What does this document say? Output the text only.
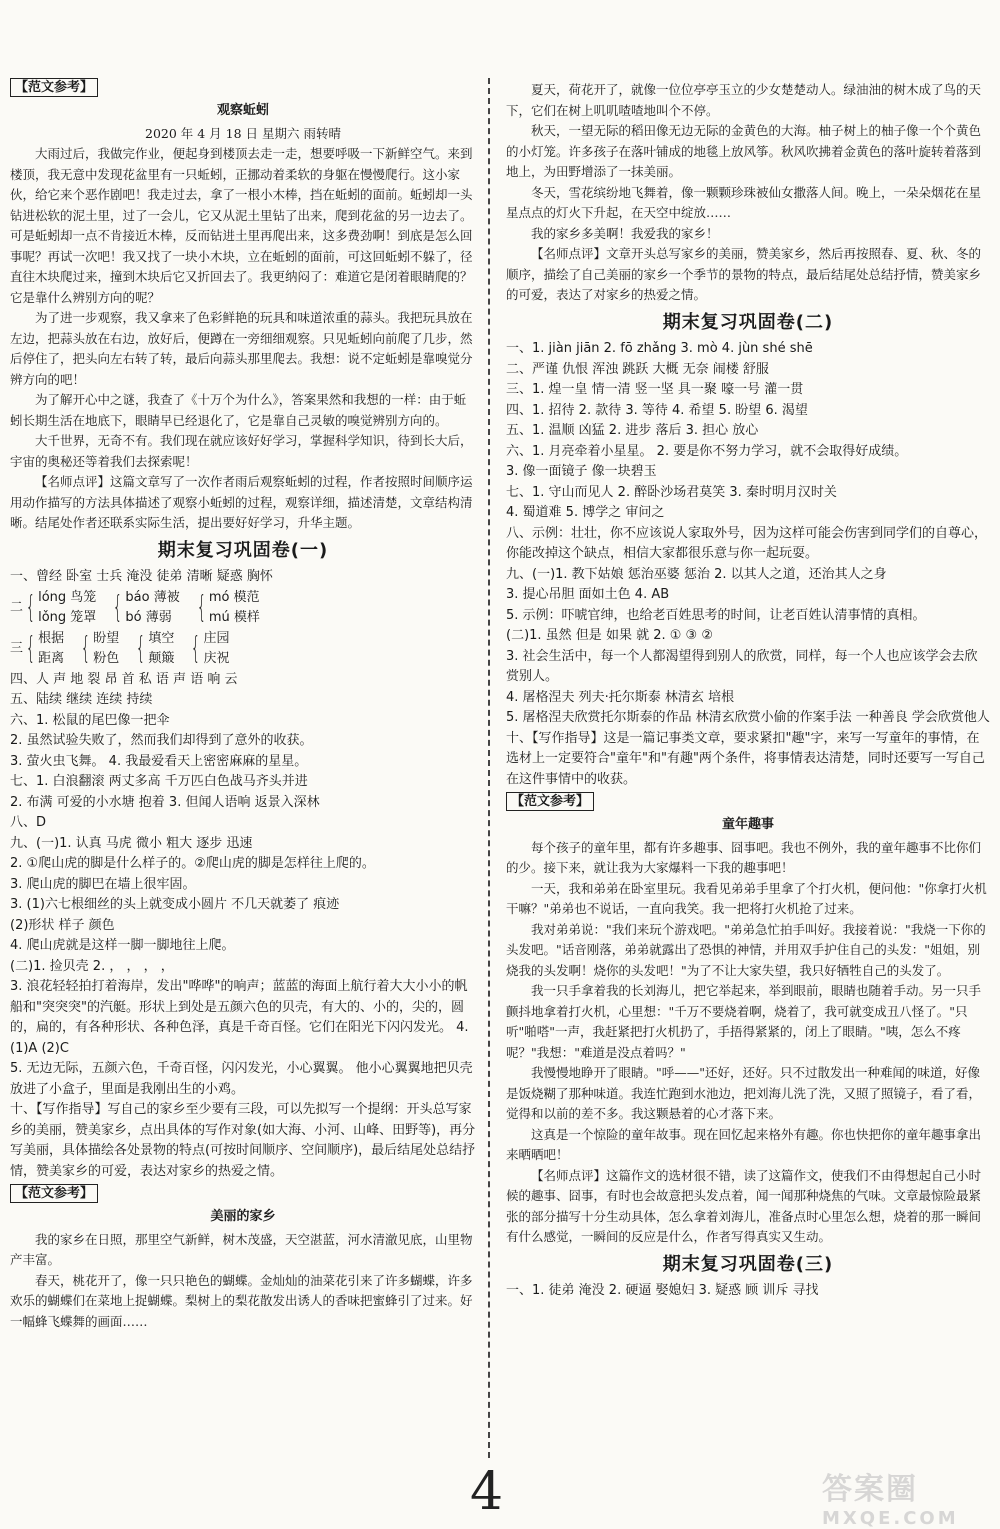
【范文参考】
观察蚯蚓
2020 年 4 月 18 日 星期六 雨转晴

大雨过后，我做完作业，便起身到楼顶去走一走，想要呼吸一下新鲜空气。来到楼顶，我无意中发现花盆里有一只蚯蚓，正挪动着柔软的身躯在慢慢爬行。这小家伙，给它来个恶作剧吧！我走过去，拿了一根小木棒，挡在蚯蚓的面前。蚯蚓却一头钻进松软的泥土里，过了一会儿，它又从泥土里钻了出来，爬到花盆的另一边去了。可是蚯蚓却一点不肯接近木棒，反而钻进土里再爬出来，这多费劲啊！到底是怎么回事呢？再试一次吧！我又找了一块小木块，立在蚯蚓的面前，可这回蚯蚓不躲了，径直往木块爬过来，撞到木块后它又折回去了。我更纳闷了：难道它是闭着眼睛爬的？它是靠什么辨别方向的呢？

为了进一步观察，我又拿来了色彩鲜艳的玩具和味道浓重的蒜头。我把玩具放在左边，把蒜头放在右边，放好后，便蹲在一旁细细观察。只见蚯蚓向前爬了几步，然后停住了，把头向左右转了转，最后向蒜头那里爬去。我想：说不定蚯蚓是靠嗅觉分辨方向的吧！

为了解开心中之谜，我查了《十万个为什么》，答案果然和我想的一样：由于蚯蚓长期生活在地底下，眼睛早已经退化了，它是靠自己灵敏的嗅觉辨别方向的。

大千世界，无奇不有。我们现在就应该好好学习，掌握科学知识，待到长大后，宇宙的奥秘还等着我们去探索呢！

【名师点评】这篇文章写了一次作者雨后观察蚯蚓的过程，作者按照时间顺序运用动作描写的方法具体描述了观察小蚯蚓的过程，观察详细，描述清楚，文章结构清晰。结尾处作者还联系实际生活，提出要好好学习，升华主题。

期末复习巩固卷(一)

一、曾经 卧室 士兵 淹没 徒弟 清晰 疑惑 胸怀

二 { lóng 鸟笼
lǒng 笼罩 { báo 薄被
bó 薄弱 { mó 模范
mú 模样
三 { 根据
距离 { 盼望
粉色 { 填空
颠簸 { 庄园
庆祝

四、人 声 地 裂 昂 首 私 语 声 语 响 云

五、陆续 继续 连续 持续

六、1. 松鼠的尾巴像一把伞

2. 虽然试验失败了，然而我们却得到了意外的收获。

3. 萤火虫飞舞。 4. 我最爱看天上密密麻麻的星星。

七、1. 白浪翻滚 两丈多高 千万匹白色战马齐头并进

2. 布满 可爱的小水塘 抱着 3. 但闻人语响 返景入深林

八、D

九、(一)1. 认真 马虎 微小 粗大 逐步 迅速

2. ①爬山虎的脚是什么样子的。②爬山虎的脚是怎样往上爬的。

3. 爬山虎的脚巴在墙上很牢固。

3. (1)六七根细丝的头上就变成小圆片 不几天就萎了 痕迹

(2)形状 样子 颜色

4. 爬山虎就是这样一脚一脚地往上爬。

(二)1. 捡贝壳 2. ， ， ， ，

3. 浪花轻轻拍打着海岸，发出"哗哗"的响声；蓝蓝的海面上航行着大大小小的帆船和"突突突"的汽艇。形状上到处是五颜六色的贝壳，有大的、小的，尖的，圆的，扁的，有各种形状、各种色泽，真是千奇百怪。它们在阳光下闪闪发光。 4. (1)A (2)C

5. 无边无际，五颜六色，千奇百怪，闪闪发光，小心翼翼。 他小心翼翼地把贝壳放进了小盒子，里面是我刚出生的小鸡。

十、【写作指导】写自己的家乡至少要有三段，可以先拟写一个提纲：开头总写家乡的美丽，赞美家乡，点出具体的写作对象(如大海、小河、山峰、田野等)，再分写美丽，具体描绘各处景物的特点(可按时间顺序、空间顺序)，最后结尾处总结抒情，赞美家乡的可爱，表达对家乡的热爱之情。

【范文参考】
美丽的家乡

我的家乡在日照，那里空气新鲜，树木茂盛，天空湛蓝，河水清澈见底，山里物产丰富。

春天，桃花开了，像一只只艳色的蝴蝶。金灿灿的油菜花引来了许多蝴蝶，许多欢乐的蝴蝶们在菜地上捉蝴蝶。梨树上的梨花散发出诱人的香味把蜜蜂引了过来。好一幅蜂飞蝶舞的画面……

夏天，荷花开了，就像一位位亭亭玉立的少女楚楚动人。绿油油的树木成了鸟的天下，它们在树上叽叽喳喳地叫个不停。

秋天，一望无际的稻田像无边无际的金黄色的大海。柚子树上的柚子像一个个黄色的小灯笼。许多孩子在落叶铺成的地毯上放风筝。秋风吹拂着金黄色的落叶旋转着落到地上，为田野增添了一抹美丽。

冬天，雪花缤纷地飞舞着，像一颗颗珍珠被仙女撒落人间。晚上，一朵朵烟花在星星点点的灯火下升起，在天空中绽放……

我的家乡多美啊！我爱我的家乡！

【名师点评】文章开头总写家乡的美丽，赞美家乡，然后再按照春、夏、秋、冬的顺序，描绘了自己美丽的家乡一个季节的景物的特点，最后结尾处总结抒情，赞美家乡的可爱，表达了对家乡的热爱之情。

期末复习巩固卷(二)

一、1. jiàn jiān 2. fō zhǎng 3. mò 4. jùn shé shē

二、严谨 仇恨 浑浊 跳跃 大概 无奈 闹楼 舒服

三、1. 煌一皇 情一清 竖一坚 具一聚 嚎一号 灌一贯

四、1. 招待 2. 款待 3. 等待 4. 希望 5. 盼望 6. 渴望

五、1. 温顺 凶猛 2. 进步 落后 3. 担心 放心

六、1. 月亮牵着小星星。 2. 要是你不努力学习，就不会取得好成绩。

3. 像一面镜子 像一块碧玉

七、1. 守山而见人 2. 醉卧沙场君莫笑 3. 秦时明月汉时关

4. 蜀道难 5. 博学之 审问之

八、示例：壮壮，你不应该说人家取外号，因为这样可能会伤害到同学们的自尊心，你能改掉这个缺点，相信大家都很乐意与你一起玩耍。

九、(一)1. 教下姑娘 惩治巫婆 惩治 2. 以其人之道，还治其人之身

3. 提心吊胆 面如土色 4. AB

5. 示例：吓唬官绅，也给老百姓思考的时间，让老百姓认清事情的真相。

(二)1. 虽然 但是 如果 就 2. ① ③ ②

3. 社会生活中，每一个人都渴望得到别人的欣赏，同样，每一个人也应该学会去欣赏别人。

4. 屠格涅夫 列夫·托尔斯泰 林清玄 培根

5. 屠格涅夫欣赏托尔斯泰的作品 林清玄欣赏小偷的作案手法 一种善良 学会欣赏他人

十、【写作指导】这是一篇记事类文章，要求紧扣"趣"字，来写一写童年的事情，在选材上一定要符合"童年"和"有趣"两个条件，将事情表达清楚，同时还要写一写自己在这件事情中的收获。

【范文参考】
童年趣事

每个孩子的童年里，都有许多趣事、囧事吧。我也不例外，我的童年趣事不比你们的少。接下来，就让我为大家爆料一下我的趣事吧！

一天，我和弟弟在卧室里玩。我看见弟弟手里拿了个打火机，便问他："你拿打火机干嘛？"弟弟也不说话，一直向我笑。我一把将打火机抢了过来。

我对弟弟说："我们来玩个游戏吧。"弟弟急忙拍手叫好。我接着说："我烧一下你的头发吧。"话音刚落，弟弟就露出了恐惧的神情，并用双手护住自己的头发："姐姐，别烧我的头发啊！烧你的头发吧！"为了不让大家失望，我只好牺牲自己的头发了。

我一只手拿着我的长刘海儿，把它举起来，举到眼前，眼睛也随着手动。另一只手颤抖地拿着打火机，心里想："千万不要烧着啊，烧着了，我可就变成丑八怪了。"只听"啪嗒"一声，我赶紧把打火机扔了，手捂得紧紧的，闭上了眼睛。"咦，怎么不疼呢？"我想："难道是没点着吗？"

我慢慢地睁开了眼睛。"呼——"还好，还好。只不过散发出一种难闻的味道，好像是饭烧糊了那种味道。我连忙跑到水池边，把刘海儿洗了洗，又照了照镜子，看了看，觉得和以前的差不多。我这颗悬着的心才落下来。

这真是一个惊险的童年故事。现在回忆起来格外有趣。你也快把你的童年趣事拿出来晒晒吧！

【名师点评】这篇作文的选材很不错，读了这篇作文，使我们不由得想起自己小时候的趣事、囧事，有时也会故意把头发点着，闻一闻那种烧焦的气味。文章最惊险最紧张的部分描写十分生动具体，怎么拿着刘海儿，准备点时心里怎么想，烧着的那一瞬间有什么感觉，一瞬间的反应是什么，作者写得真实又生动。

期末复习巩固卷(三)

一、1. 徒弟 淹没 2. 硬逼 娶媳妇 3. 疑惑 顾 训斥 寻找

4	答案圈
MXQE.COM
